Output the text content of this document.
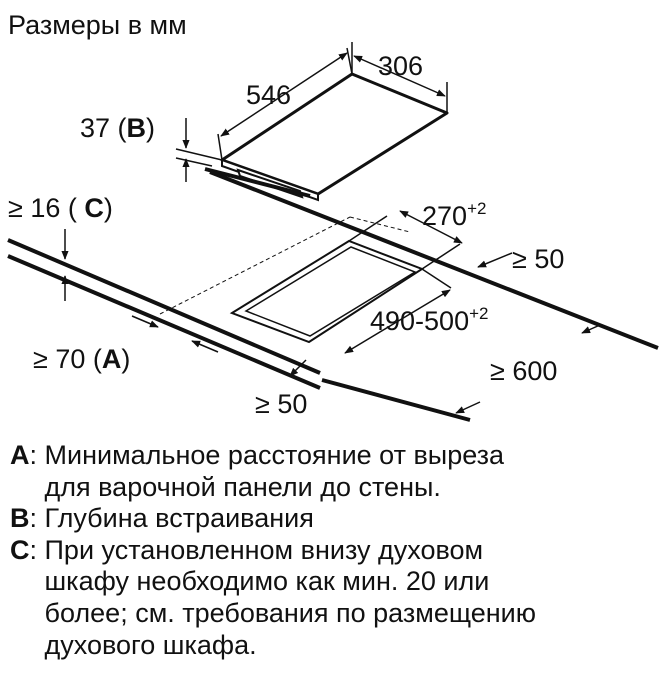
Размеры в мм
306
546
37 (B)
≥ 16 ( C)	$270^{+2}$
≥ 50
$490-500^{+2}$
≥ 70 (A)
≥ 50
≥ 600
A : Минимальное расстояние от выреза
для варочной панели до стены.
B : Глубина встраивания
C : При установленном внизу духовом
шкафу необходимо как мин. 20 или
более; см. требования по размещению
духового шкафа.
